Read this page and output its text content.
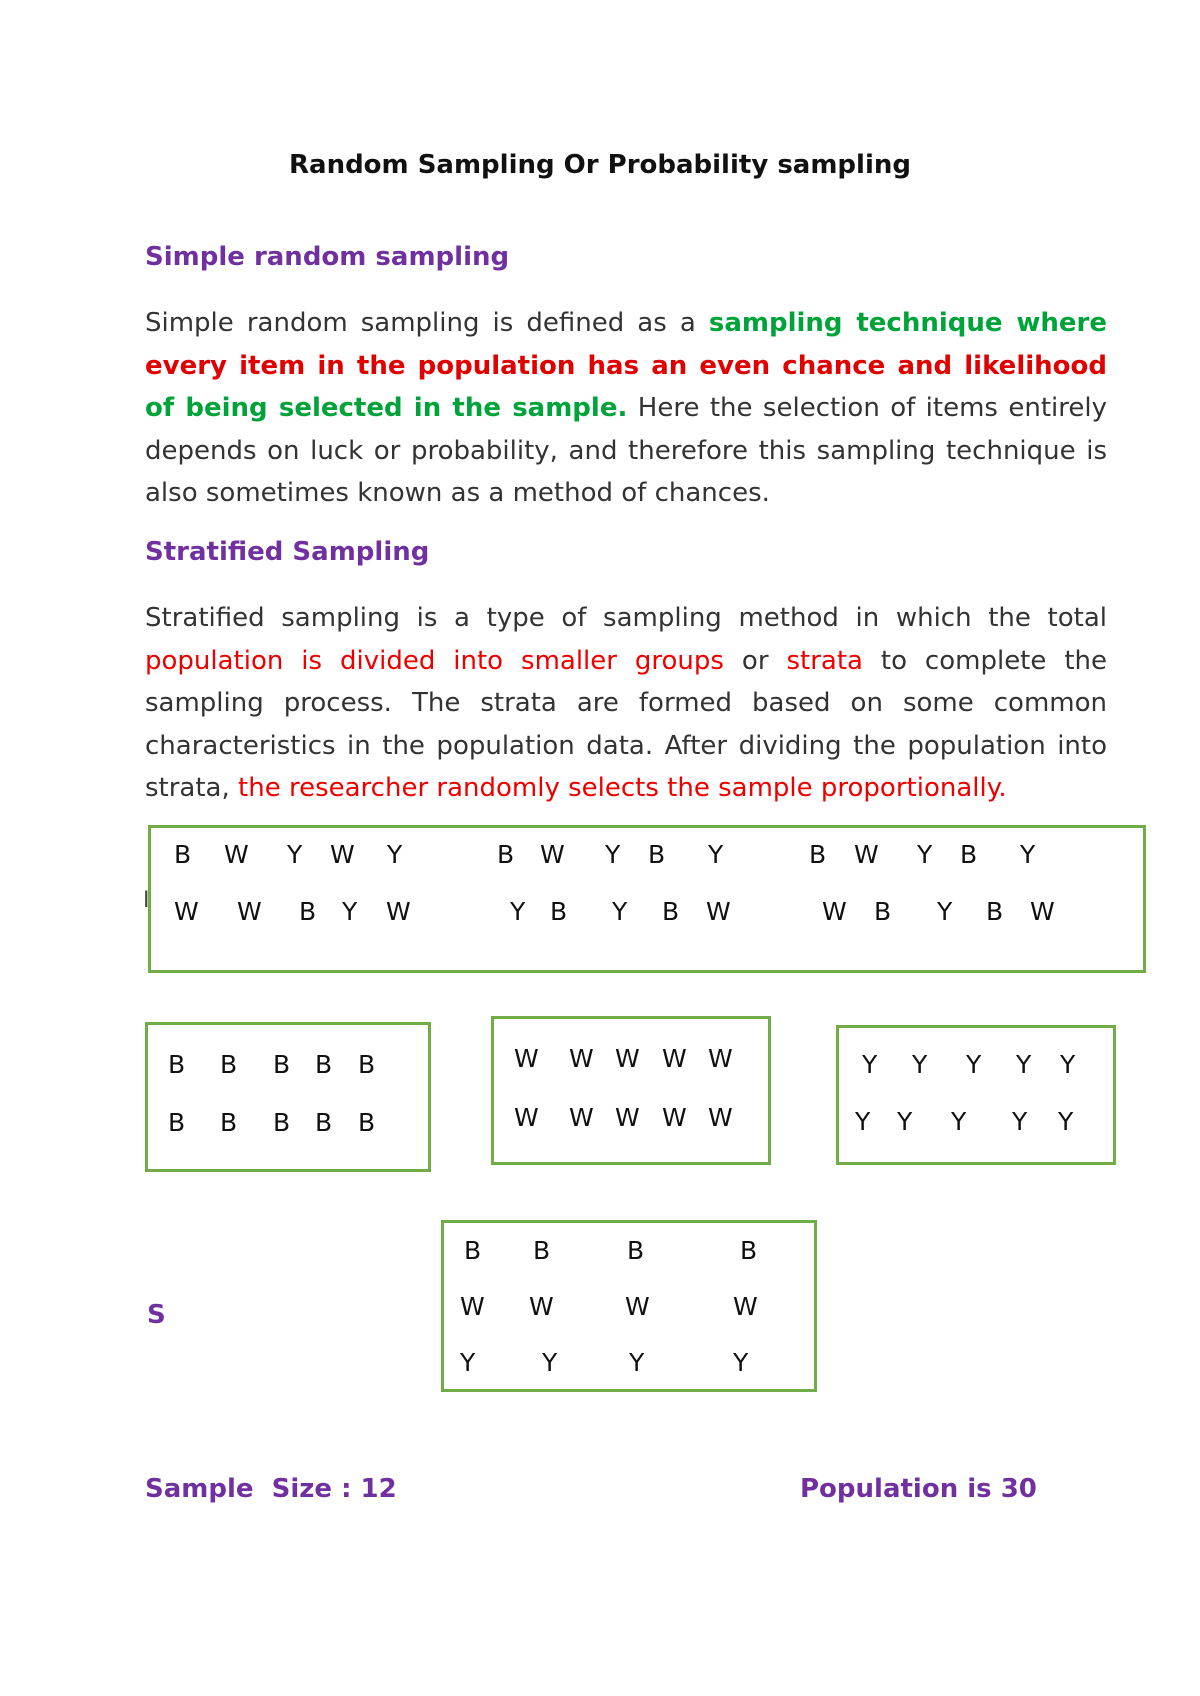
Random Sampling Or Probability sampling
Simple random sampling
Simple random sampling is defined as a sampling technique where every item in the population has an even chance and likelihood of being selected in the sample. Here the selection of items entirely depends on luck or probability, and therefore this sampling technique is also sometimes known as a method of chances.
Stratified Sampling
Stratified sampling is a type of sampling method in which the total population is divided into smaller groups or strata to complete the sampling process. The strata are formed based on some common characteristics in the population data. After dividing the population into strata, the researcher randomly selects the sample proportionally.
I
B W Y W Y	B W Y B Y	B W Y B Y
W W B Y W	Y B Y B W	W B Y B W
B B B B B
B B B B B
W W W W W
W W W W W
Y Y Y Y Y
Y Y Y Y Y
S
B B	B	B
W W	W	W
Y	Y	Y	Y
Sample  Size : 12	Population is 30
